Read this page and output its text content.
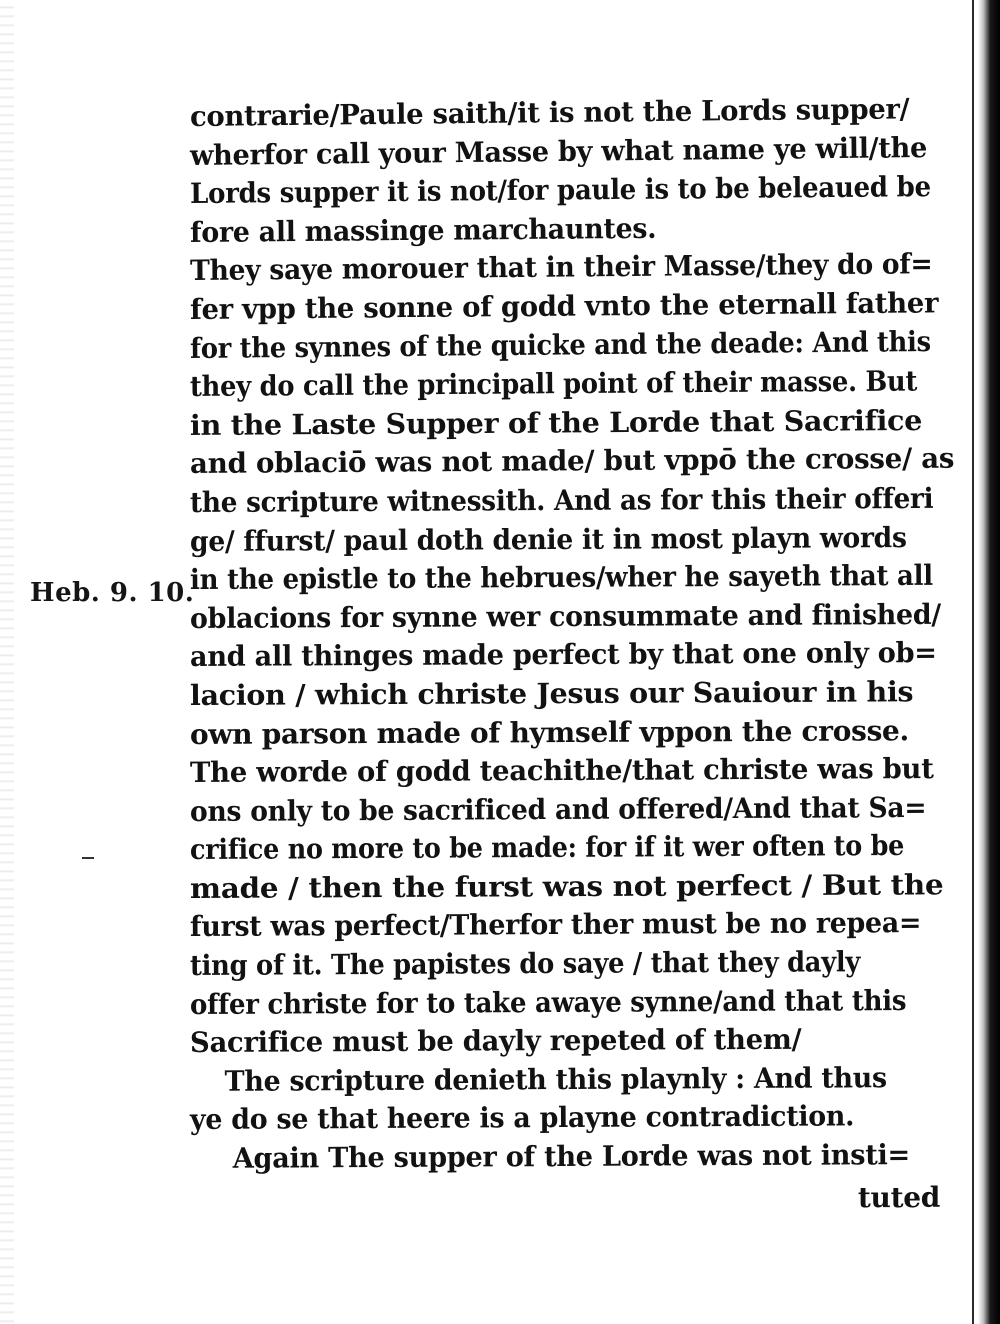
Heb. 9. 10.
contrarie/Paule saith/it is not the Lords supper/
wherfor call your Masse by what name ye will/the
Lords supper it is not/for paule is to be beleaued be
fore all massinge marchauntes.
They saye morouer that in their Masse/they do of=
fer vpp the sonne of godd vnto the eternall father
for the synnes of the quicke and the deade: And this
they do call the principall point of their masse. But
in the Laste Supper of the Lorde that Sacrifice
and oblaciō was not made/ but vppō the crosse/ as
the scripture witnessith. And as for this their offeri
ge/ ffurst/ paul doth denie it in most playn words
in the epistle to the hebrues/wher he sayeth that all
oblacions for synne wer consummate and finished/
and all thinges made perfect by that one only ob=
lacion / which christe Jesus our Sauiour in his
own parson made of hymself vppon the crosse.
The worde of godd teachithe/that christe was but
ons only to be sacrificed and offered/And that Sa=
crifice no more to be made: for if it wer often to be
made / then the furst was not perfect / But the
furst was perfect/Therfor ther must be no repea=
ting of it. The papistes do saye / that they dayly
offer christe for to take awaye synne/and that this
Sacrifice must be dayly repeted of them/
The scripture denieth this playnly : And thus
ye do se that heere is a playne contradiction.
Again The supper of the Lorde was not insti=
tuted
